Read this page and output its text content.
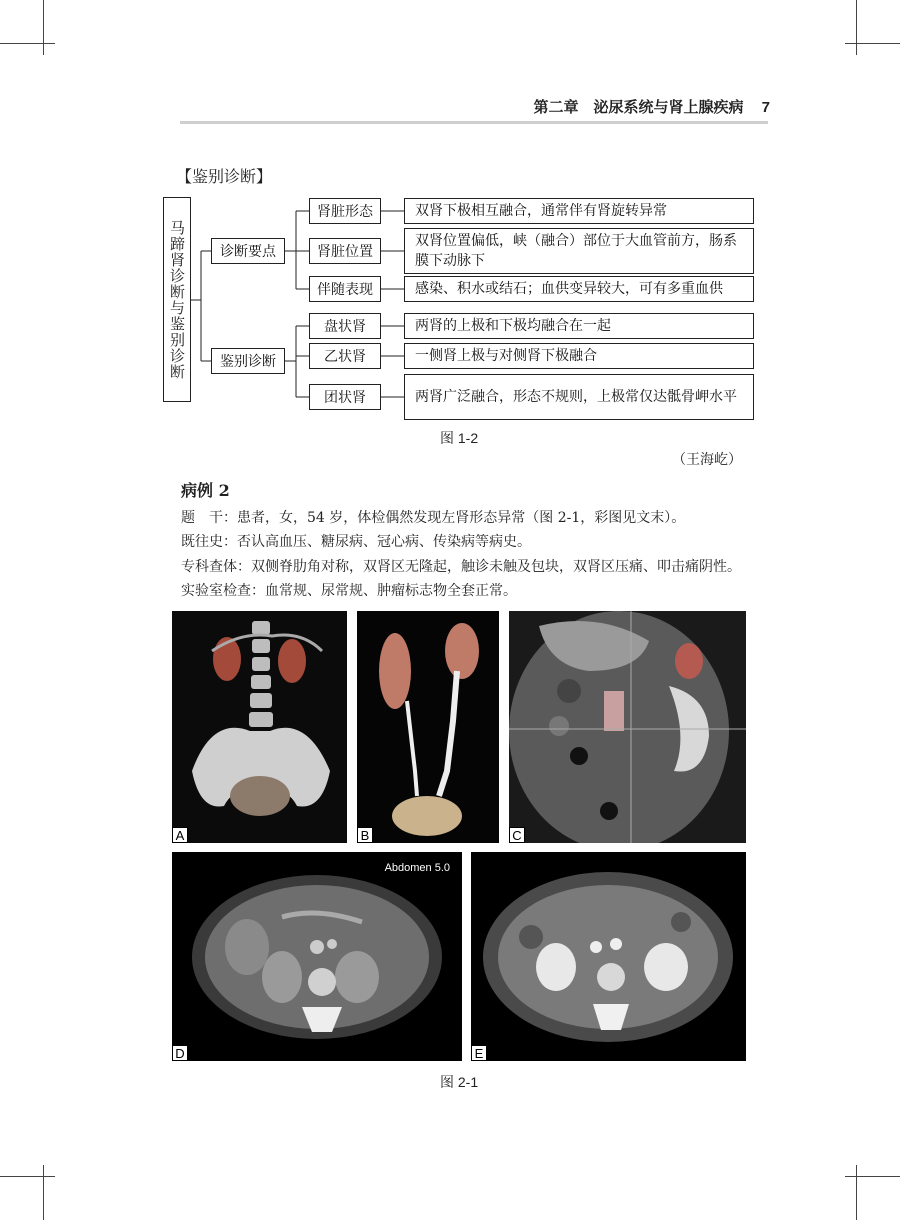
第二章　泌尿系统与肾上腺疾病 7
【鉴别诊断】
马蹄肾诊断与鉴别诊断 诊断要点
鉴别诊断
肾脏形态
肾脏位置
伴随表现
盘状肾
乙状肾
团状肾
双肾下极相互融合，通常伴有肾旋转异常
双肾位置偏低，峡（融合）部位于大血管前方，肠系膜下动脉下
感染、积水或结石；血供变异较大，可有多重血供
两肾的上极和下极均融合在一起
一侧肾上极与对侧肾下极融合
两肾广泛融合，形态不规则，上极常仅达骶骨岬水平
图 1-2
（王海屹）
病例 2
题　干：患者，女，54 岁，体检偶然发现左肾形态异常（图 2-1，彩图见文末）。
既往史：否认高血压、糖尿病、冠心病、传染病等病史。
专科查体：双侧脊肋角对称，双肾区无隆起，触诊未触及包块，双肾区压痛、叩击痛阴性。
实验室检查：血常规、尿常规、肿瘤标志物全套正常。
A	B	C
Abdomen 5.0
D	E
图 2-1
